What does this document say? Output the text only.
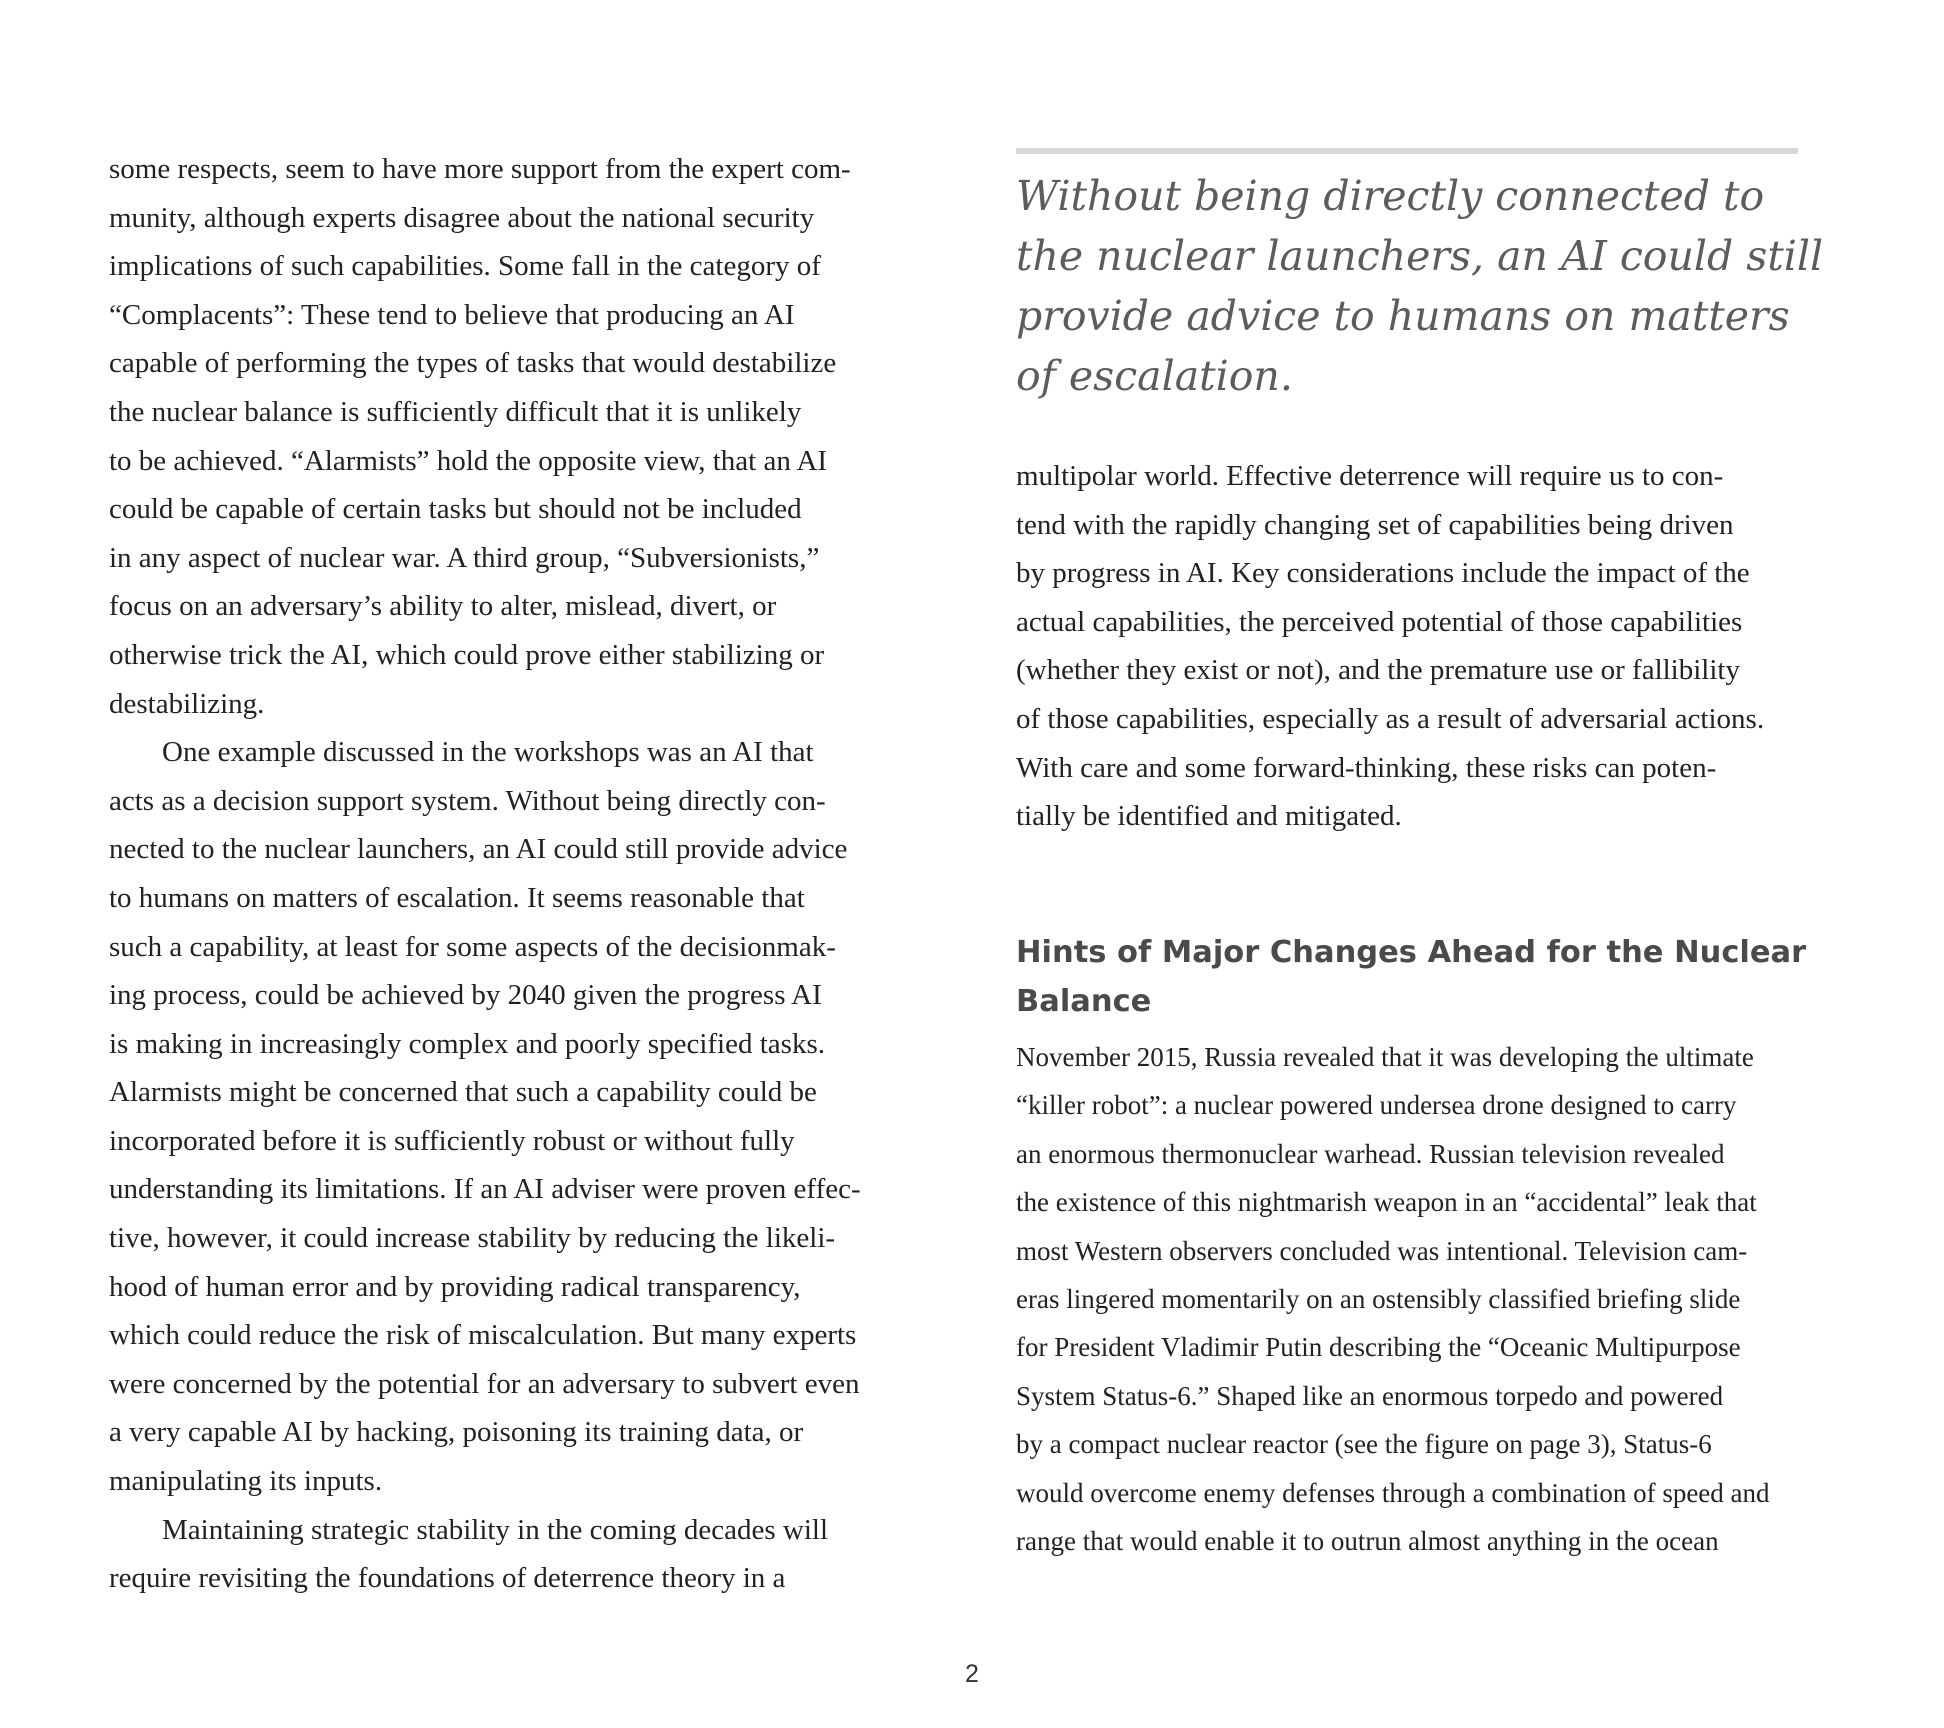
some respects, seem to have more support from the expert com-
munity, although experts disagree about the national security
implications of such capabilities. Some fall in the category of
“Complacents”: These tend to believe that producing an AI
capable of performing the types of tasks that would destabilize
the nuclear balance is sufficiently difficult that it is unlikely
to be achieved. “Alarmists” hold the opposite view, that an AI
could be capable of certain tasks but should not be included
in any aspect of nuclear war. A third group, “Subversionists,”
focus on an adversary’s ability to alter, mislead, divert, or
otherwise trick the AI, which could prove either stabilizing or
destabilizing.

One example discussed in the workshops was an AI that
acts as a decision support system. Without being directly con-
nected to the nuclear launchers, an AI could still provide advice
to humans on matters of escalation. It seems reasonable that
such a capability, at least for some aspects of the decisionmak-
ing process, could be achieved by 2040 given the progress AI
is making in increasingly complex and poorly specified tasks.
Alarmists might be concerned that such a capability could be
incorporated before it is sufficiently robust or without fully
understanding its limitations. If an AI adviser were proven effec-
tive, however, it could increase stability by reducing the likeli-
hood of human error and by providing radical transparency,
which could reduce the risk of miscalculation. But many experts
were concerned by the potential for an adversary to subvert even
a very capable AI by hacking, poisoning its training data, or
manipulating its inputs.

Maintaining strategic stability in the coming decades will
require revisiting the foundations of deterrence theory in a

Without being directly connected to
the nuclear launchers, an AI could still
provide advice to humans on matters
of escalation.

multipolar world. Effective deterrence will require us to con-
tend with the rapidly changing set of capabilities being driven
by progress in AI. Key considerations include the impact of the
actual capabilities, the perceived potential of those capabilities
(whether they exist or not), and the premature use or fallibility
of those capabilities, especially as a result of adversarial actions.
With care and some forward-thinking, these risks can poten-
tially be identified and mitigated.

Hints of Major Changes Ahead for the Nuclear
Balance

November 2015, Russia revealed that it was developing the ultimate
“killer robot”: a nuclear powered undersea drone designed to carry
an enormous thermonuclear warhead. Russian television revealed
the existence of this nightmarish weapon in an “accidental” leak that
most Western observers concluded was intentional. Television cam-
eras lingered momentarily on an ostensibly classified briefing slide
for President Vladimir Putin describing the “Oceanic Multipurpose
System Status-6.” Shaped like an enormous torpedo and powered
by a compact nuclear reactor (see the figure on page 3), Status-6
would overcome enemy defenses through a combination of speed and
range that would enable it to outrun almost anything in the ocean

2
